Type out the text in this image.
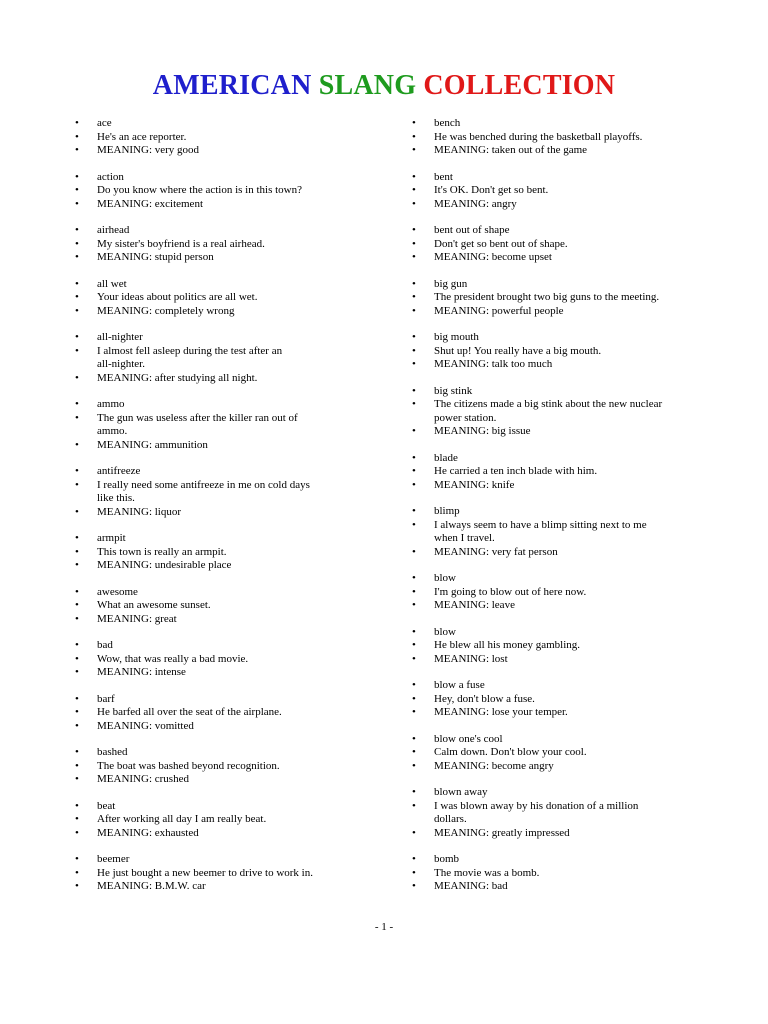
AMERICAN SLANG COLLECTION
•	ace
•	He's an ace reporter.
•	MEANING: very good
•	action
•	Do you know where the action is in this town?
•	MEANING: excitement
•	airhead
•	My sister's boyfriend is a real airhead.
•	MEANING: stupid person
•	all wet
•	Your ideas about politics are all wet.
•	MEANING: completely wrong
•	all-nighter
•	I almost fell asleep during the test after an
all-nighter.
•	MEANING: after studying all night.
•	ammo
•	The gun was useless after the killer ran out of
ammo.
•	MEANING: ammunition
•	antifreeze
•	I really need some antifreeze in me on cold days
like this.
•	MEANING: liquor
•	armpit
•	This town is really an armpit.
•	MEANING: undesirable place
•	awesome
•	What an awesome sunset.
•	MEANING: great
•	bad
•	Wow, that was really a bad movie.
•	MEANING: intense
•	barf
•	He barfed all over the seat of the airplane.
•	MEANING: vomitted
•	bashed
•	The boat was bashed beyond recognition.
•	MEANING: crushed
•	beat
•	After working all day I am really beat.
•	MEANING: exhausted
•	beemer
•	He just bought a new beemer to drive to work in.
•	MEANING: B.M.W. car
•	bench
•	He was benched during the basketball playoffs.
•	MEANING: taken out of the game
•	bent
•	It's OK. Don't get so bent.
•	MEANING: angry
•	bent out of shape
•	Don't get so bent out of shape.
•	MEANING: become upset
•	big gun
•	The president brought two big guns to the meeting.
•	MEANING: powerful people
•	big mouth
•	Shut up! You really have a big mouth.
•	MEANING: talk too much
•	big stink
•	The citizens made a big stink about the new nuclear
power station.
•	MEANING: big issue
•	blade
•	He carried a ten inch blade with him.
•	MEANING: knife
•	blimp
•	I always seem to have a blimp sitting next to me
when I travel.
•	MEANING: very fat person
•	blow
•	I'm going to blow out of here now.
•	MEANING: leave
•	blow
•	He blew all his money gambling.
•	MEANING: lost
•	blow a fuse
•	Hey, don't blow a fuse.
•	MEANING: lose your temper.
•	blow one's cool
•	Calm down. Don't blow your cool.
•	MEANING: become angry
•	blown away
•	I was blown away by his donation of a million
dollars.
•	MEANING: greatly impressed
•	bomb
•	The movie was a bomb.
•	MEANING: bad
- 1 -
